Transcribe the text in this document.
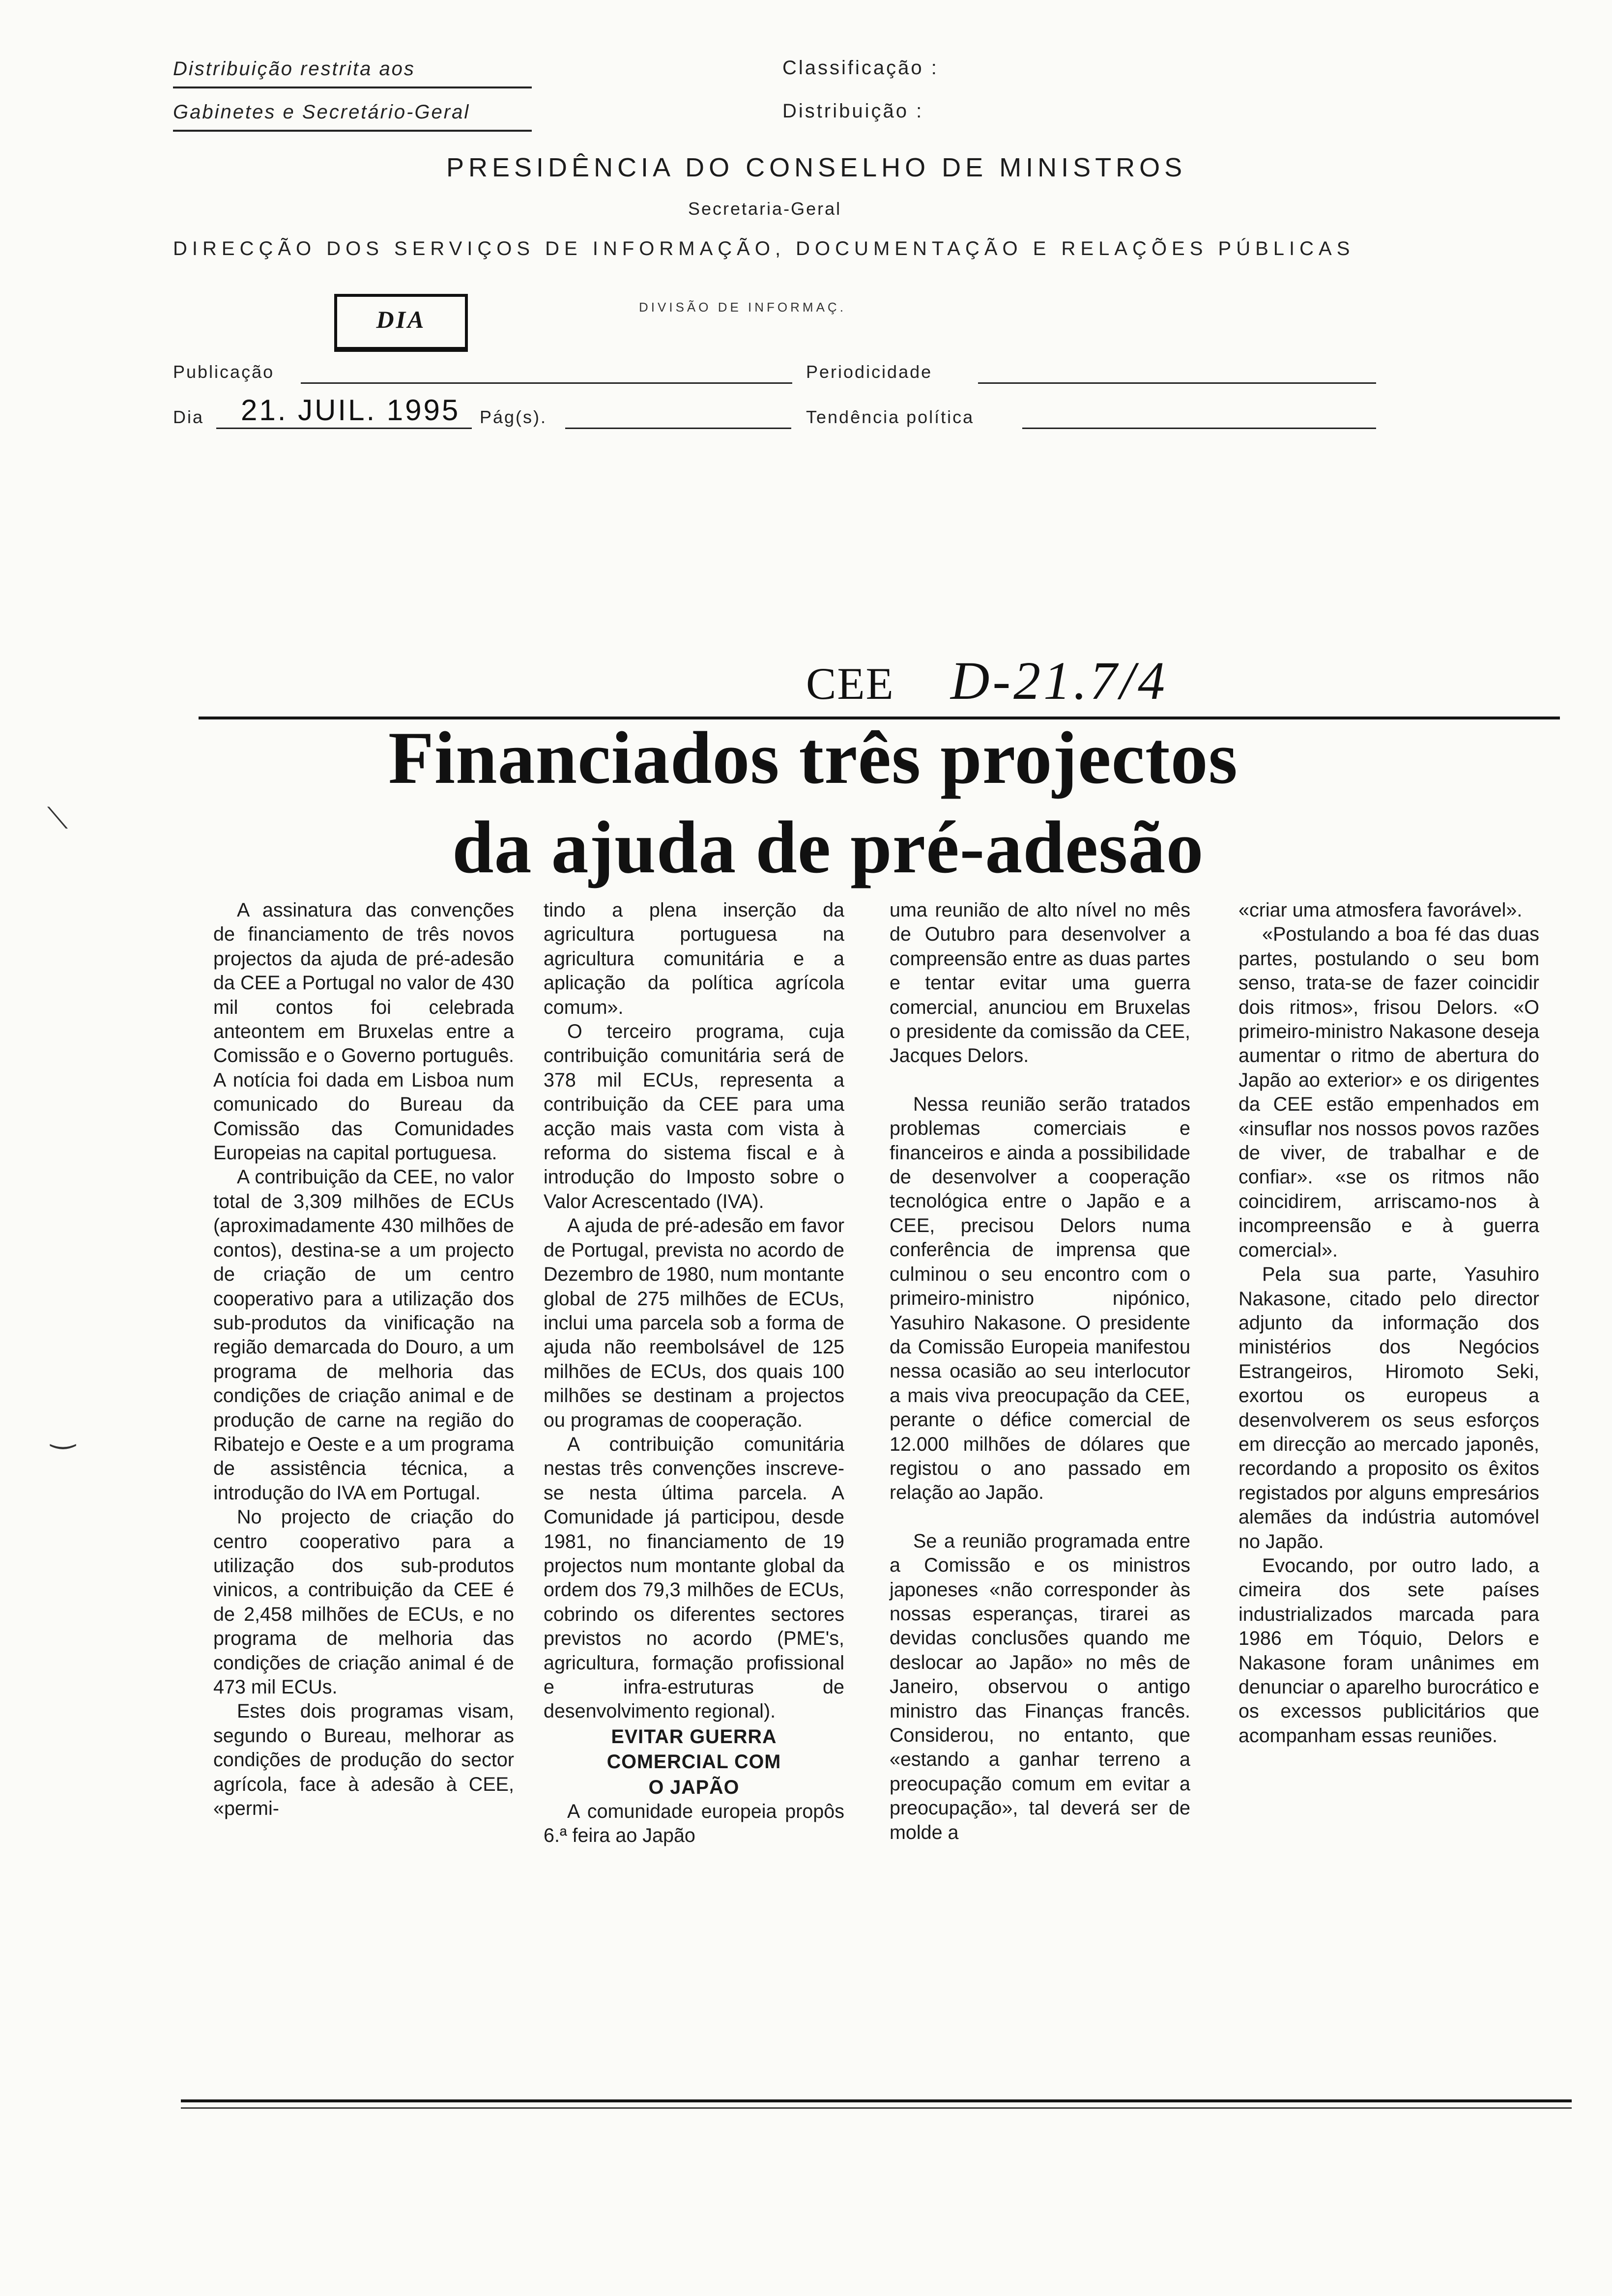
Distribuição restrita aos
Gabinetes e Secretário-Geral
Classificação :
Distribuição :
PRESIDÊNCIA DO CONSELHO DE MINISTROS
Secretaria-Geral
DIRECÇÃO DOS SERVIÇOS DE INFORMAÇÃO, DOCUMENTAÇÃO E RELAÇÕES PÚBLICAS
DIA	DIVISÃO DE INFORMAÇ.
Publicação	Periodicidade
Dia 21. JUIL. 1995 Pág(s).	Tendência política
CEE D-21.7/4
Financiados três projectos
da ajuda de pré-adesão

A assinatura das convenções de financiamento de três novos projectos da ajuda de pré-adesão da CEE a Portugal no valor de 430 mil contos foi celebrada anteontem em Bruxelas entre a Comissão e o Governo português. A notícia foi dada em Lisboa num comunicado do Bureau da Comissão das Comunidades Europeias na capital portuguesa.

A contribuição da CEE, no valor total de 3,309 milhões de ECUs (aproximadamente 430 milhões de contos), destina-se a um projecto de criação de um centro cooperativo para a utilização dos sub-produtos da vinificação na região demarcada do Douro, a um programa de melhoria das condições de criação animal e de produção de carne na região do Ribatejo e Oeste e a um programa de assistência técnica, a introdução do IVA em Portugal.

No projecto de criação do centro cooperativo para a utilização dos sub-produtos vinicos, a contribuição da CEE é de 2,458 milhões de ECUs, e no programa de melhoria das condições de criação animal é de 473 mil ECUs.

Estes dois programas visam, segundo o Bureau, melhorar as condições de produção do sector agrícola, face à adesão à CEE, «permi-

tindo a plena inserção da agricultura portuguesa na agricultura comunitária e a aplicação da política agrícola comum».

O terceiro programa, cuja contribuição comunitária será de 378 mil ECUs, representa a contribuição da CEE para uma acção mais vasta com vista à reforma do sistema fiscal e à introdução do Imposto sobre o Valor Acrescentado (IVA).

A ajuda de pré-adesão em favor de Portugal, prevista no acordo de Dezembro de 1980, num montante global de 275 milhões de ECUs, inclui uma parcela sob a forma de ajuda não reembolsável de 125 milhões de ECUs, dos quais 100 milhões se destinam a projectos ou programas de cooperação.

A contribuição comunitária nestas três convenções inscreve-se nesta última parcela. A Comunidade já participou, desde 1981, no financiamento de 19 projectos num montante global da ordem dos 79,3 milhões de ECUs, cobrindo os diferentes sectores previstos no acordo (PME's, agricultura, formação profissional e infra-estruturas de desenvolvimento regional).

EVITAR GUERRA

COMERCIAL COM

O JAPÃO

A comunidade europeia propôs 6.ª feira ao Japão

uma reunião de alto nível no mês de Outubro para desenvolver a compreensão entre as duas partes e tentar evitar uma guerra comercial, anunciou em Bruxelas o presidente da comissão da CEE, Jacques Delors.

Nessa reunião serão tratados problemas comerciais e financeiros e ainda a possibilidade de desenvolver a cooperação tecnológica entre o Japão e a CEE, precisou Delors numa conferência de imprensa que culminou o seu encontro com o primeiro-ministro nipónico, Yasuhiro Nakasone. O presidente da Comissão Europeia manifestou nessa ocasião ao seu interlocutor a mais viva preocupação da CEE, perante o défice comercial de 12.000 milhões de dólares que registou o ano passado em relação ao Japão.

Se a reunião programada entre a Comissão e os ministros japoneses «não corresponder às nossas esperanças, tirarei as devidas conclusões quando me deslocar ao Japão» no mês de Janeiro, observou o antigo ministro das Finanças francês. Considerou, no entanto, que «estando a ganhar terreno a preocupação comum em evitar a preocupação», tal deverá ser de molde a

«criar uma atmosfera favorável».

«Postulando a boa fé das duas partes, postulando o seu bom senso, trata-se de fazer coincidir dois ritmos», frisou Delors. «O primeiro-ministro Nakasone deseja aumentar o ritmo de abertura do Japão ao exterior» e os dirigentes da CEE estão empenhados em «insuflar nos nossos povos razões de viver, de trabalhar e de confiar». «se os ritmos não coincidirem, arriscamo-nos à incompreensão e à guerra comercial».

Pela sua parte, Yasuhiro Nakasone, citado pelo director adjunto da informação dos ministérios dos Negócios Estrangeiros, Hiromoto Seki, exortou os europeus a desenvolverem os seus esforços em direcção ao mercado japonês, recordando a proposito os êxitos registados por alguns empresários alemães da indústria automóvel no Japão.

Evocando, por outro lado, a cimeira dos sete países industrializados marcada para 1986 em Tóquio, Delors e Nakasone foram unânimes em denunciar o aparelho burocrático e os excessos publicitários que acompanham essas reuniões.

⟍
‿
